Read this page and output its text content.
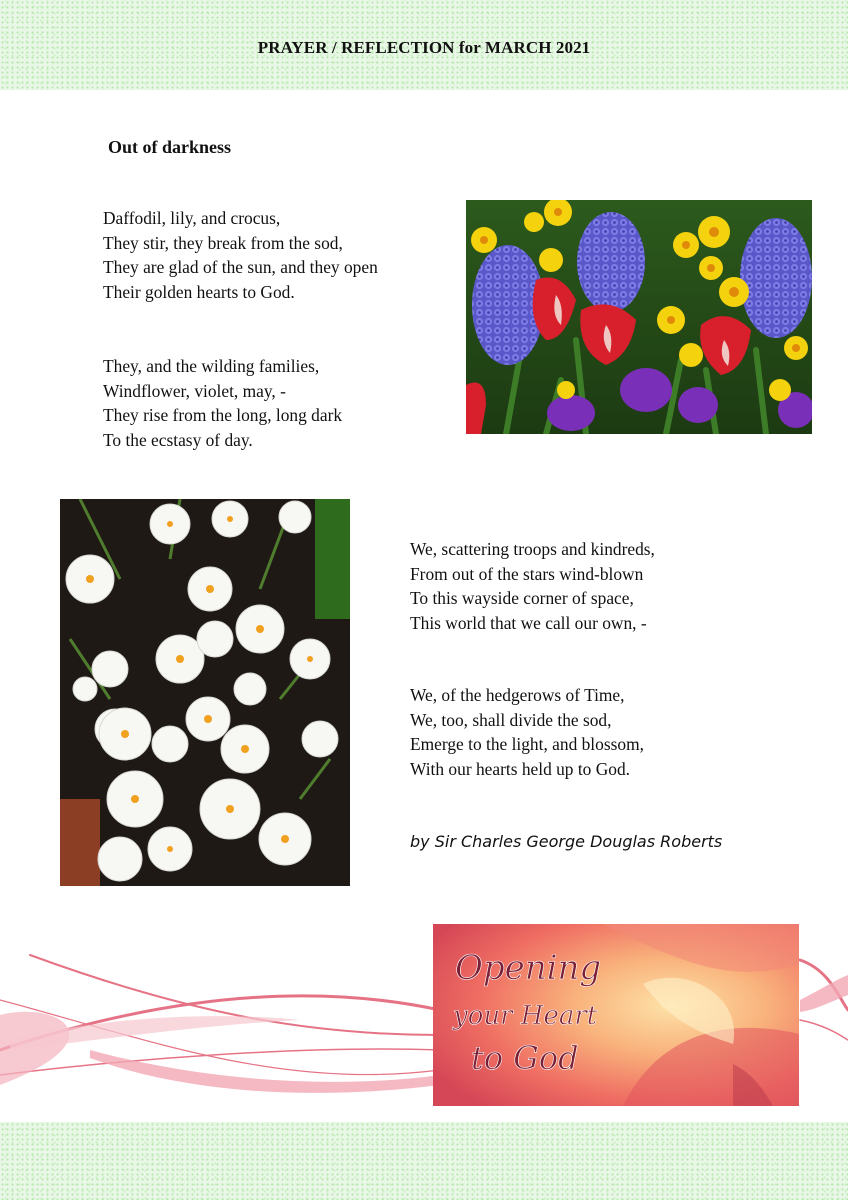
PRAYER / REFLECTION for MARCH 2021
Out of darkness
Daffodil, lily, and crocus,
They stir, they break from the sod,
They are glad of the sun, and they open
Their golden hearts to God.
They, and the wilding families,
Windflower, violet, may, -
They rise from the long, long dark
To the ecstasy of day.
We, scattering troops and kindreds,
From out of the stars wind-blown
To this wayside corner of space,
This world that we call our own, -
We, of the hedgerows of Time,
We, too, shall divide the sod,
Emerge to the light, and blossom,
With our hearts held up to God.
by Sir Charles George Douglas Roberts
Opening
your Heart
to God
